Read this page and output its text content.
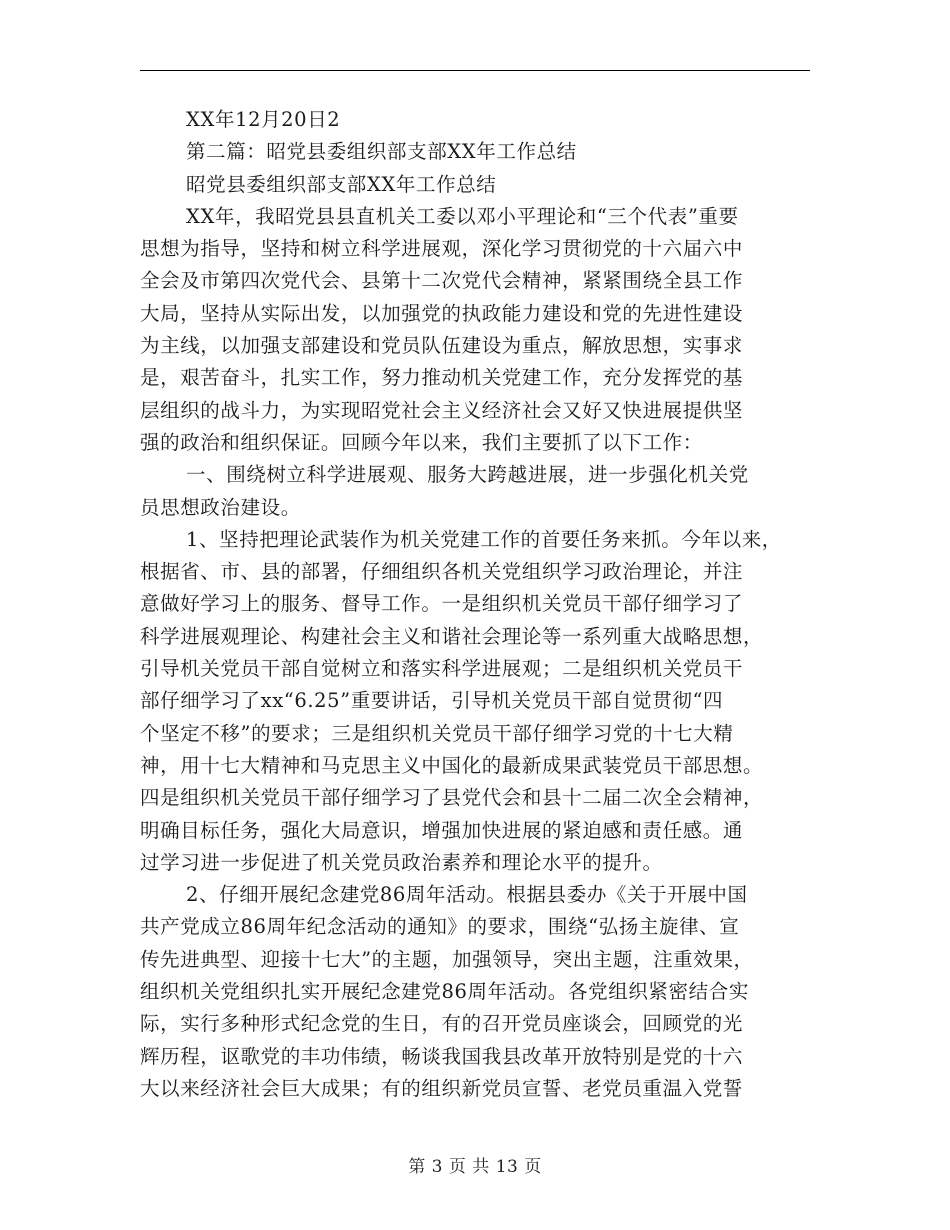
XX年12月20日2
第二篇：昭党县委组织部支部XX年工作总结
昭党县委组织部支部XX年工作总结
XX年，我昭党县县直机关工委以邓小平理论和“三个代表”重要
思想为指导，坚持和树立科学进展观，深化学习贯彻党的十六届六中
全会及市第四次党代会、县第十二次党代会精神，紧紧围绕全县工作
大局，坚持从实际出发，以加强党的执政能力建设和党的先进性建设
为主线，以加强支部建设和党员队伍建设为重点，解放思想，实事求
是，艰苦奋斗，扎实工作，努力推动机关党建工作，充分发挥党的基
层组织的战斗力，为实现昭党社会主义经济社会又好又快进展提供坚
强的政治和组织保证。回顾今年以来，我们主要抓了以下工作：
一、围绕树立科学进展观、服务大跨越进展，进一步强化机关党
员思想政治建设。
1、坚持把理论武装作为机关党建工作的首要任务来抓。今年以来，
根据省、市、县的部署，仔细组织各机关党组织学习政治理论，并注
意做好学习上的服务、督导工作。一是组织机关党员干部仔细学习了
科学进展观理论、构建社会主义和谐社会理论等一系列重大战略思想，
引导机关党员干部自觉树立和落实科学进展观；二是组织机关党员干
部仔细学习了xx“6.25”重要讲话，引导机关党员干部自觉贯彻“四
个坚定不移”的要求；三是组织机关党员干部仔细学习党的十七大精
神，用十七大精神和马克思主义中国化的最新成果武装党员干部思想。
四是组织机关党员干部仔细学习了县党代会和县十二届二次全会精神，
明确目标任务，强化大局意识，增强加快进展的紧迫感和责任感。通
过学习进一步促进了机关党员政治素养和理论水平的提升。
2、仔细开展纪念建党86周年活动。根据县委办《关于开展中国
共产党成立86周年纪念活动的通知》的要求，围绕“弘扬主旋律、宣
传先进典型、迎接十七大”的主题，加强领导，突出主题，注重效果，
组织机关党组织扎实开展纪念建党86周年活动。各党组织紧密结合实
际，实行多种形式纪念党的生日，有的召开党员座谈会，回顾党的光
辉历程，讴歌党的丰功伟绩，畅谈我国我县改革开放特别是党的十六
大以来经济社会巨大成果；有的组织新党员宣誓、老党员重温入党誓
第 3 页 共 13 页
